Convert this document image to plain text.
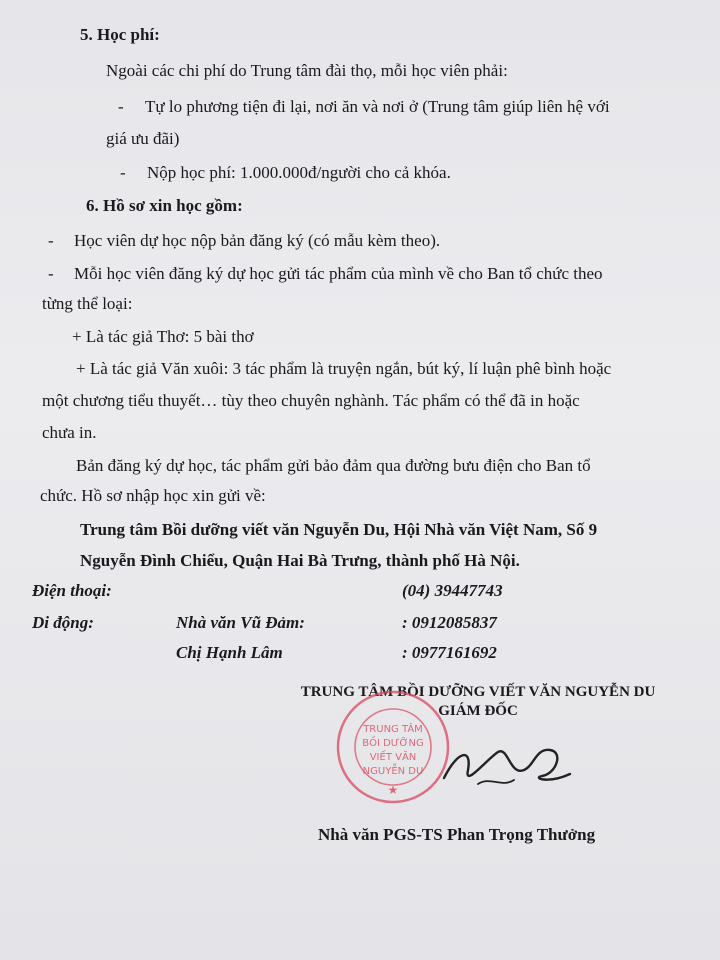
5. Học phí:
Ngoài các chi phí do Trung tâm đài thọ, mỗi học viên phải:
- Tự lo phương tiện đi lại, nơi ăn và nơi ở (Trung tâm giúp liên hệ với
giá ưu đãi)
- Nộp học phí: 1.000.000đ/người cho cả khóa.
6. Hồ sơ xin học gồm:
- Học viên dự học nộp bản đăng ký (có mẫu kèm theo).
- Mỗi học viên đăng ký dự học gửi tác phẩm của mình về cho Ban tổ chức theo
từng thể loại:
+ Là tác giả Thơ: 5 bài thơ
+ Là tác giả Văn xuôi: 3 tác phẩm là truyện ngắn, bút ký, lí luận phê bình hoặc
một chương tiểu thuyết… tùy theo chuyên nghành. Tác phẩm có thể đã in hoặc
chưa in.
Bản đăng ký dự học, tác phẩm gửi bảo đảm qua đường bưu điện cho Ban tổ
chức. Hồ sơ nhập học xin gửi về:
Trung tâm Bồi dưỡng viết văn Nguyễn Du, Hội Nhà văn Việt Nam, Số 9
Nguyễn Đình Chiểu, Quận Hai Bà Trưng, thành phố Hà Nội.
Điện thoại:	(04) 39447743
Di động:	Nhà văn Vũ Đảm:	: 0912085837
Chị Hạnh Lâm	: 0977161692
TRUNG TÂM BỒI DƯỠNG VIẾT VĂN NGUYỄN DU
GIÁM ĐỐC
TRUNG TÂM
BỒI DƯỠNG
VIẾT VĂN
NGUYỄN DU
★
Nhà văn PGS-TS Phan Trọng Thưởng
